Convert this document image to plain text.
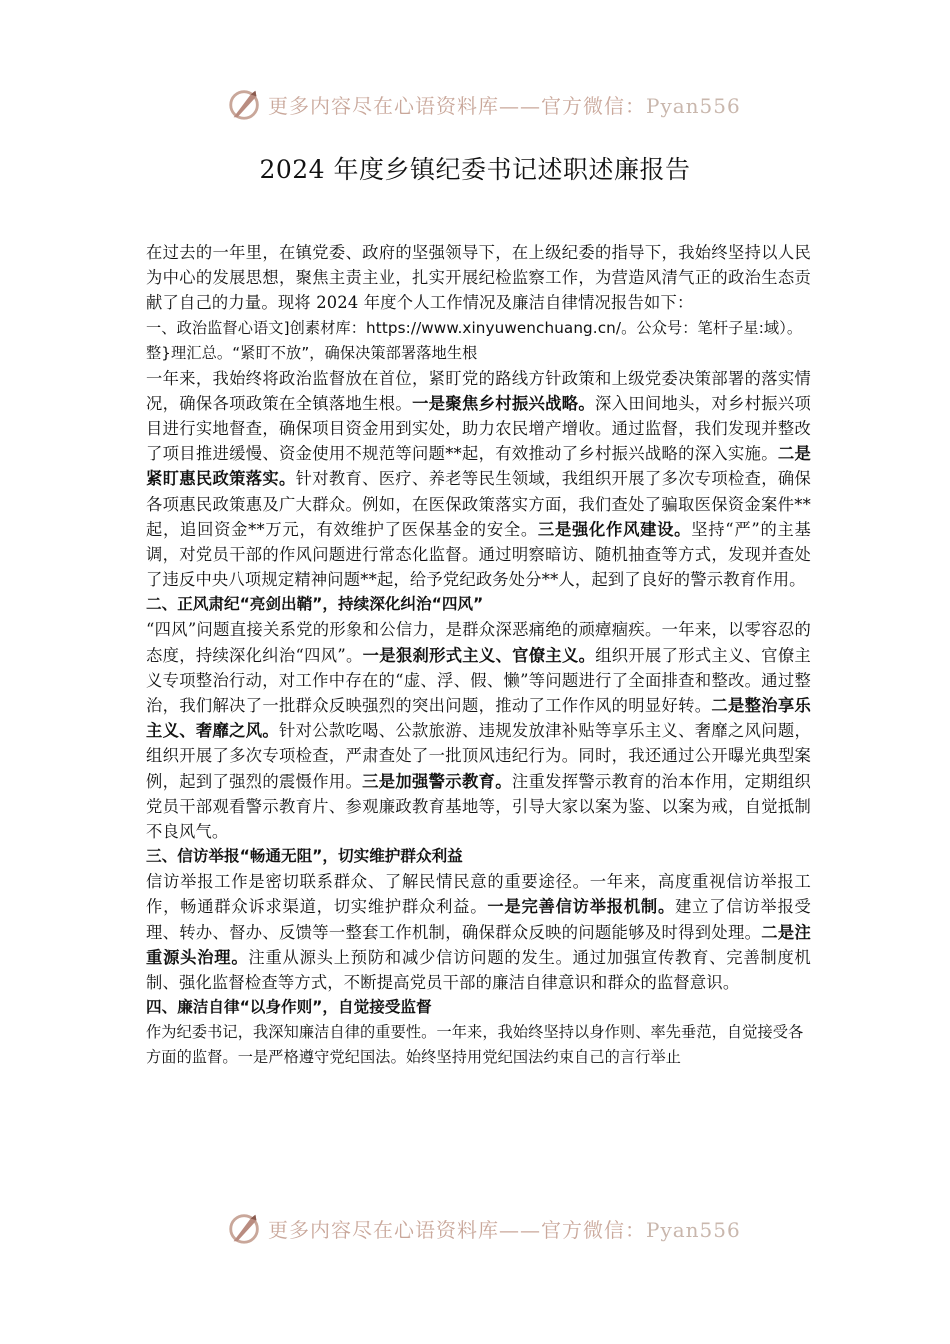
更多内容尽在心语资料库——官方微信：Pyan556
2024 年度乡镇纪委书记述职述廉报告

在过去的一年里，在镇党委、政府的坚强领导下，在上级纪委的指导下，我始终坚持以人民为中心的发展思想，聚焦主责主业，扎实开展纪检监察工作，为营造风清气正的政治生态贡献了自己的力量。现将 2024 年度个人工作情况及廉洁自律情况报告如下：

一、政治监督心语文]创素材库：https://www.xinyuwenchuang.cn/。公众号：笔杆子星:域）。整}理汇总。“紧盯不放”，确保决策部署落地生根

一年来，我始终将政治监督放在首位，紧盯党的路线方针政策和上级党委决策部署的落实情况，确保各项政策在全镇落地生根。一是聚焦乡村振兴战略。深入田间地头，对乡村振兴项目进行实地督查，确保项目资金用到实处，助力农民增产增收。通过监督，我们发现并整改了项目推进缓慢、资金使用不规范等问题**起，有效推动了乡村振兴战略的深入实施。二是紧盯惠民政策落实。针对教育、医疗、养老等民生领域，我组织开展了多次专项检查，确保各项惠民政策惠及广大群众。例如，在医保政策落实方面，我们查处了骗取医保资金案件**起，追回资金**万元，有效维护了医保基金的安全。三是强化作风建设。坚持“严”的主基调，对党员干部的作风问题进行常态化监督。通过明察暗访、随机抽查等方式，发现并查处了违反中央八项规定精神问题**起，给予党纪政务处分**人，起到了良好的警示教育作用。

二、正风肃纪“亮剑出鞘”，持续深化纠治“四风”

“四风”问题直接关系党的形象和公信力，是群众深恶痛绝的顽瘴痼疾。一年来，以零容忍的态度，持续深化纠治“四风”。一是狠刹形式主义、官僚主义。组织开展了形式主义、官僚主义专项整治行动，对工作中存在的“虚、浮、假、懒”等问题进行了全面排查和整改。通过整治，我们解决了一批群众反映强烈的突出问题，推动了工作作风的明显好转。二是整治享乐主义、奢靡之风。针对公款吃喝、公款旅游、违规发放津补贴等享乐主义、奢靡之风问题，组织开展了多次专项检查，严肃查处了一批顶风违纪行为。同时，我还通过公开曝光典型案例，起到了强烈的震慑作用。三是加强警示教育。注重发挥警示教育的治本作用，定期组织党员干部观看警示教育片、参观廉政教育基地等，引导大家以案为鉴、以案为戒，自觉抵制不良风气。

三、信访举报“畅通无阻”，切实维护群众利益

信访举报工作是密切联系群众、了解民情民意的重要途径。一年来，高度重视信访举报工作，畅通群众诉求渠道，切实维护群众利益。一是完善信访举报机制。建立了信访举报受理、转办、督办、反馈等一整套工作机制，确保群众反映的问题能够及时得到处理。二是注重源头治理。注重从源头上预防和减少信访问题的发生。通过加强宣传教育、完善制度机制、强化监督检查等方式，不断提高党员干部的廉洁自律意识和群众的监督意识。

四、廉洁自律“以身作则”，自觉接受监督

作为纪委书记，我深知廉洁自律的重要性。一年来，我始终坚持以身作则、率先垂范，自觉接受各方面的监督。一是严格遵守党纪国法。始终坚持用党纪国法约束自己的言行举止

更多内容尽在心语资料库——官方微信：Pyan556
